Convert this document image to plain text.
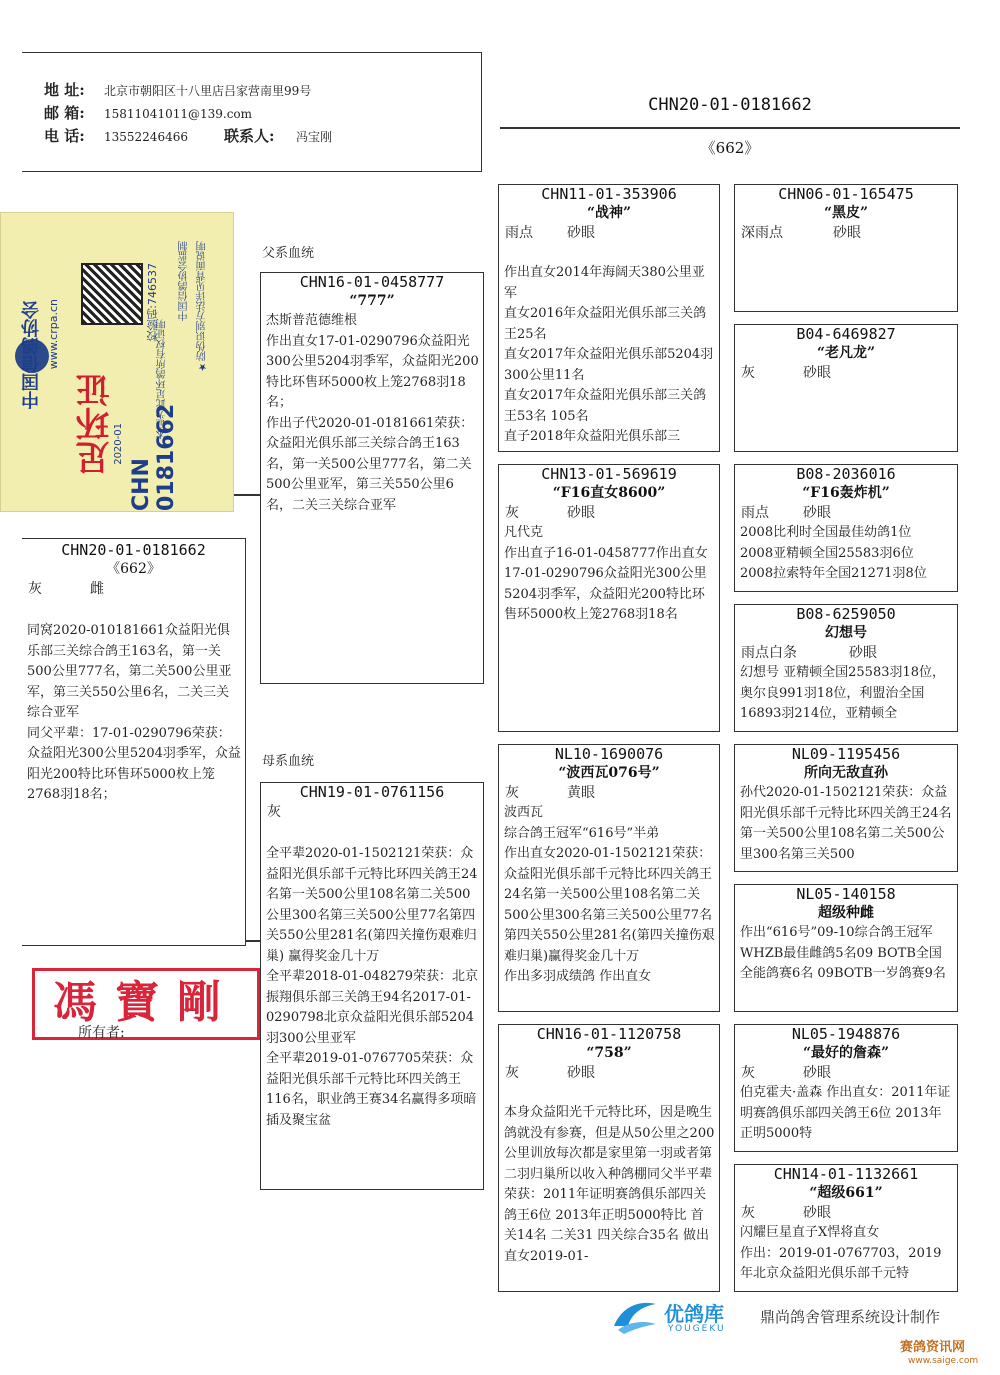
地 址: 北京市朝阳区十八里店吕家营南里99号
邮 箱: 15811041011@139.com
电 话: 13552246466 联系人: 冯宝刚
CHN20-01-0181662
《662》
中国信鸽协会 www.crpa.cn
足环证
CHN 0181662
2020-01
校验码:746537
本证为此足环鸽所有权证明
中国信鸽协会监制 ★防伪识别方法详见背面说明	父系血统
母系血统
CHN20-01-0181662
《662》
灰	雌
同窝2020-010181661众益阳光俱乐部三关综合鸽王163名，第一关500公里777名，第二关500公里亚军，第三关550公里6名，二关三关综合亚军
同父平辈：17-01-0290796荣获：众益阳光300公里5204羽季军，众益阳光200特比环售环5000枚上笼2768羽18名；
CHN16-01-0458777
“777”
杰斯普范德维根
作出直女17-01-0290796众益阳光300公里5204羽季军，众益阳光200特比环售环5000枚上笼2768羽18名；
作出子代2020-01-0181661荣获：众益阳光俱乐部三关综合鸽王163名，第一关500公里777名，第二关500公里亚军，第三关550公里6名，二关三关综合亚军
CHN19-01-0761156
灰
全平辈2020-01-1502121荣获：众益阳光俱乐部千元特比环四关鸽王24名第一关500公里108名第二关500公里300名第三关500公里77名第四关550公里281名(第四关撞伤艰难归巢) 赢得奖金几十万
全平辈2018-01-048279荣获：北京振翔俱乐部三关鸽王94名2017-01-0290798北京众益阳光俱乐部5204羽300公里亚军
全平辈2019-01-0767705荣获：众益阳光俱乐部千元特比环四关鸽王116名，职业鸽王赛34名赢得多项暗插及聚宝盆
CHN11-01-353906
“战神”
雨点	砂眼
作出直女2014年海阔天380公里亚军
直女2016年众益阳光俱乐部三关鸽王25名
直女2017年众益阳光俱乐部5204羽300公里11名
直女2017年众益阳光俱乐部三关鸽王53名 105名
直子2018年众益阳光俱乐部三
CHN13-01-569619
“F16直女8600”
灰	砂眼
凡代克
作出直子16-01-0458777作出直女17-01-0290796众益阳光300公里5204羽季军，众益阳光200特比环售环5000枚上笼2768羽18名
NL10-1690076
“波西瓦076号”
灰	黄眼
波西瓦
综合鸽王冠军“616号”半弟
作出直女2020-01-1502121荣获：众益阳光俱乐部千元特比环四关鸽王24名第一关500公里108名第二关500公里300名第三关500公里77名第四关550公里281名(第四关撞伤艰难归巢)赢得奖金几十万
作出多羽成绩鸽 作出直女
CHN16-01-1120758
“758”
灰	砂眼
本身众益阳光千元特比环，因是晚生鸽就没有参赛，但是从50公里之200公里训放每次都是家里第一羽或者第二羽归巢所以收入种鸽棚同父半平辈荣获：2011年证明赛鸽俱乐部四关鸽王6位 2013年正明5000特比 首关14名 二关31 四关综合35名 做出直女2019-01-
CHN06-01-165475
“黑皮”
深雨点	砂眼
B04-6469827
“老凡龙”
灰	砂眼
B08-2036016
“F16轰炸机”
雨点	砂眼
2008比利时全国最佳幼鸽1位
2008亚精顿全国25583羽6位
2008拉索特年全国21271羽8位
B08-6259050
幻想号
雨点白条	砂眼
幻想号 亚精顿全国25583羽18位，奥尔良991羽18位，利盟治全国16893羽214位，亚精顿全
NL09-1195456
所向无敌直孙
孙代2020-01-1502121荣获：众益阳光俱乐部千元特比环四关鸽王24名第一关500公里108名第二关500公里300名第三关500
NL05-140158
超级种雌
作出“616号”09-10综合鸽王冠军 WHZB最佳雌鸽5名09 BOTB全国全能鸽赛6名 09BOTB一岁鸽赛9名
NL05-1948876
“最好的詹森”
灰	砂眼
伯克霍夫·盖森 作出直女：2011年证明赛鸽俱乐部四关鸽王6位 2013年正明5000特
CHN14-01-1132661
“超级661”
灰	砂眼
闪耀巨星直子X悍将直女
作出：2019-01-0767703，2019年北京众益阳光俱乐部千元特
馮寶剛
所有者:
优鸽库
YOUGEKU
鼎尚鸽舍管理系统设计制作
赛鸽资讯网
www.saige.com
